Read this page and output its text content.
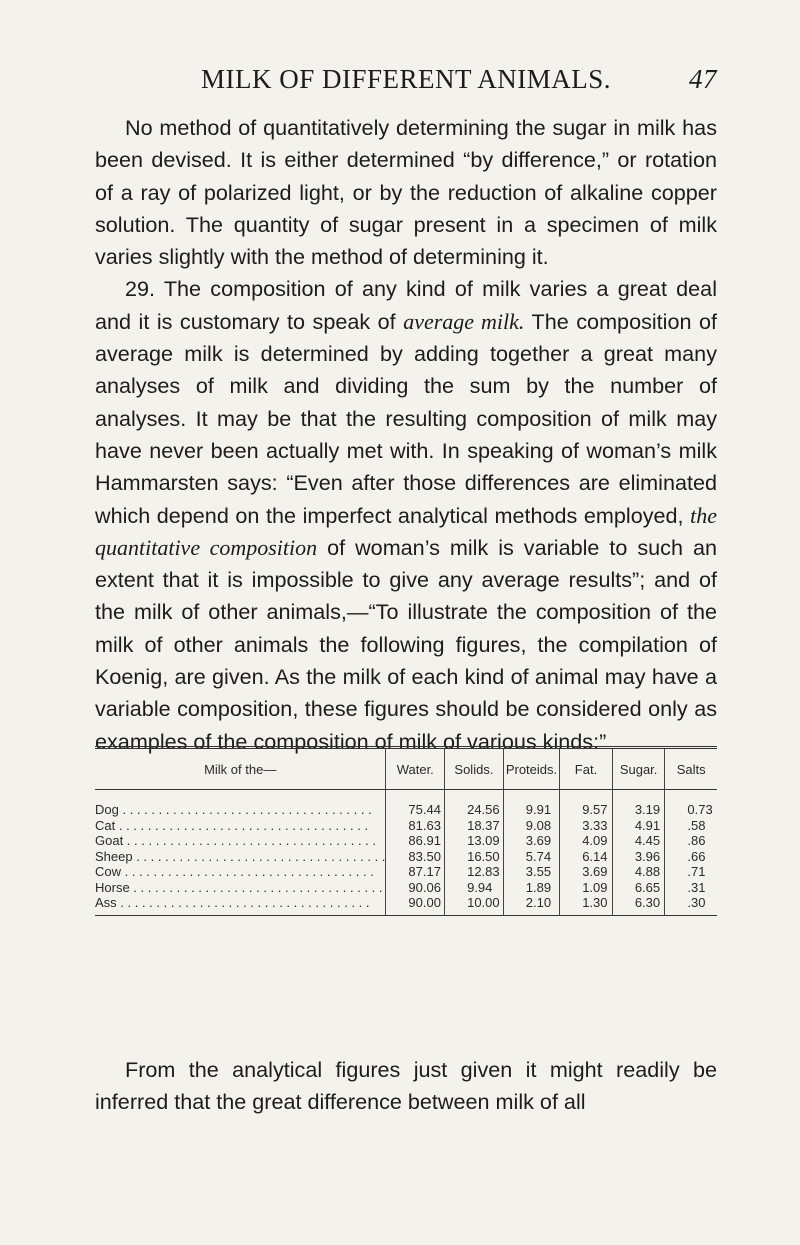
MILK OF DIFFERENT ANIMALS.	47

No method of quantitatively determining the sugar in milk has been devised. It is either determined “by difference,” or rotation of a ray of polarized light, or by the reduction of alkaline copper solution. The quantity of sugar present in a specimen of milk varies slightly with the method of determining it.

29. The composition of any kind of milk varies a great deal and it is customary to speak of average milk. The composition of average milk is determined by adding together a great many analyses of milk and dividing the sum by the number of analyses. It may be that the resulting composition of milk may have never been actually met with. In speaking of woman’s milk Hammarsten says: “Even after those differences are eliminated which depend on the imperfect analytical methods employed, the quantitative composition of woman’s milk is variable to such an extent that it is impossible to give any average results”; and of the milk of other animals,—“To illustrate the composition of the milk of other animals the following figures, the compilation of Koenig, are given. As the milk of each kind of animal may have a variable composition, these figures should be considered only as examples of the composition of milk of various kinds:”

Milk of the—	Water.	Solids.	Proteids.	Fat.	Sugar.	Salts
Dog . . .	75.44	24.56	9.91	9.57	3.19	0.73
Cat . . .	81.63	18.37	9.08	3.33	4.91	.58
Goat . . .	86.91	13.09	3.69	4.09	4.45	.86
Sheep . . .	83.50	16.50	5.74	6.14	3.96	.66
Cow . . .	87.17	12.83	3.55	3.69	4.88	.71
Horse . . .	90.06	9.94	1.89	1.09	6.65	.31
Ass . . .	90.00	10.00	2.10	1.30	6.30	.30

From the analytical figures just given it might readily be inferred that the great difference between milk of all
